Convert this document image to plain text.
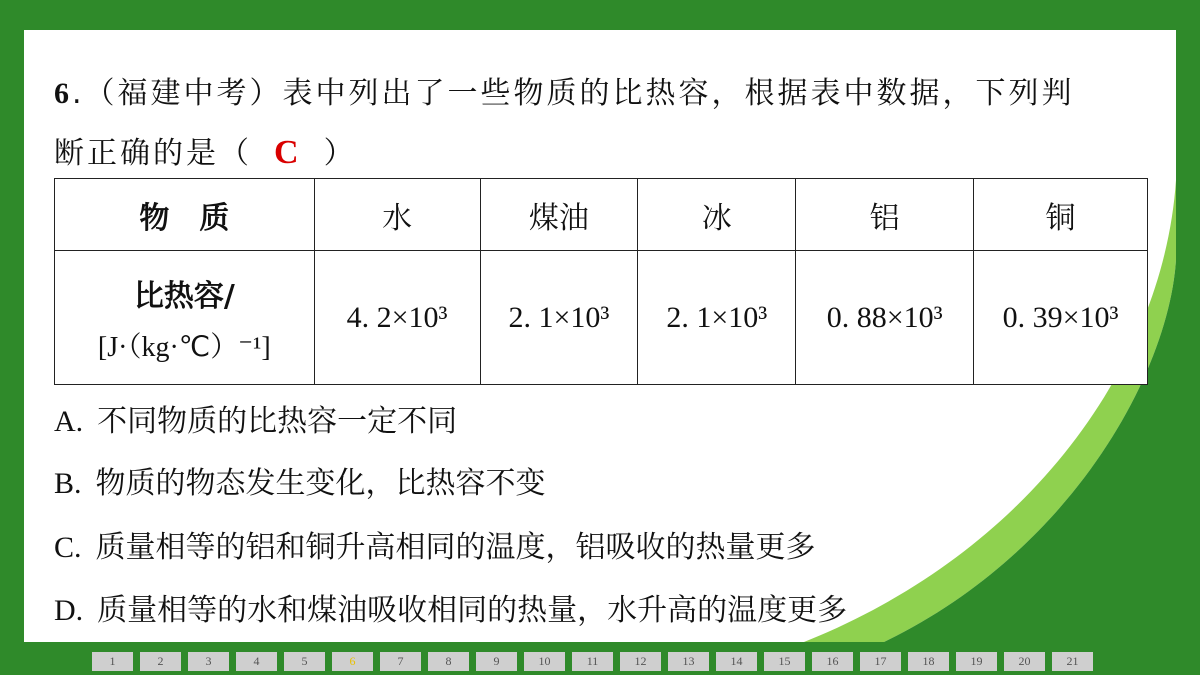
6.（福建中考）表中列出了一些物质的比热容，根据表中数据，下列判
断正确的是（ C ）
物　质	水	煤油	冰	铝	铜

比热容/
[J·（kg·℃）⁻¹]	4. 2×10³	2. 1×10³	2. 1×10³	0. 88×10³	0. 39×10³
A. 不同物质的比热容一定不同
B. 物质的物态发生变化，比热容不变
C. 质量相等的铝和铜升高相同的温度，铝吸收的热量更多
D. 质量相等的水和煤油吸收相同的热量，水升高的温度更多
1	2	3	4	5	6	7	8	9	10	11	12	13	14	15	16	17	18	19	20	21
